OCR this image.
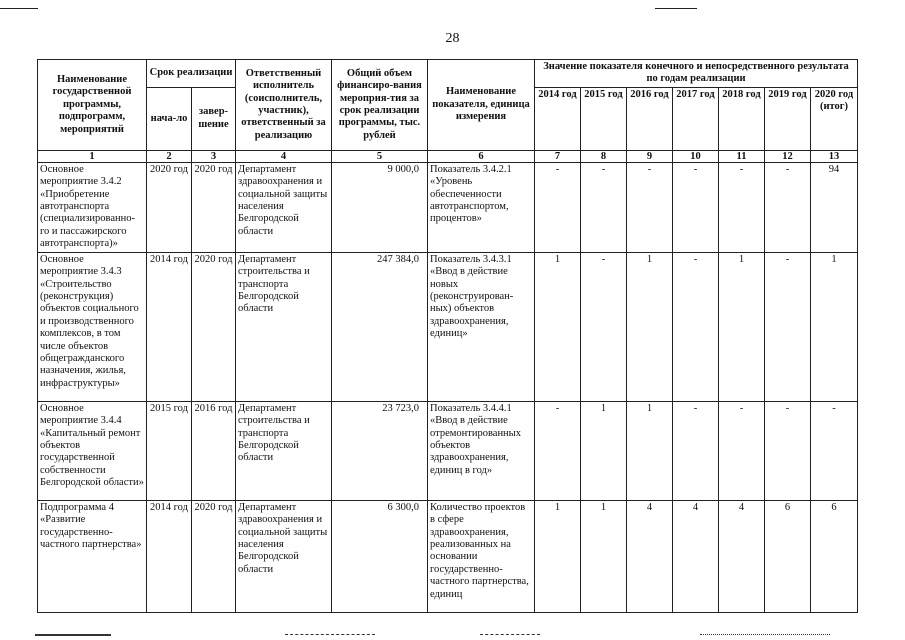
28
Наименование государственной программы, подпрограмм, мероприятий	Срок реализации		Ответственный исполнитель (соисполнитель, участник), ответственный за реализацию	Общий объем финансиро-вания мероприя-тия за срок реализации программы, тыс. рублей	Наименование показателя, единица измерения	Значение показателя конечного и непосредственного результата по годам реализации						
	нача-ло	завер-шение				2014 год	2015 год	2016 год	2017 год	2018 год	2019 год	2020 год (итог)
1	2	3	4	5	6	7	8	9	10	11	12	13
Основное мероприятие 3.4.2 «Приобретение автотранспорта (специализированно-го и пассажирского автотранспорта)»	2020 год	2020 год	Департамент здравоохранения и социальной защиты населения Белгородской области	9 000,0	Показатель 3.4.2.1 «Уровень обеспеченности автотранспортом, процентов»	-	-	-	-	-	-	94
Основное мероприятие 3.4.3 «Строительство (реконструкция) объектов социального и производственного комплексов, в том числе объектов общегражданского назначения, жилья, инфраструктуры»	2014 год	2020 год	Департамент строительства и транспорта Белгородской области	247 384,0	Показатель 3.4.3.1 «Ввод в действие новых (реконструирован-ных) объектов здравоохранения, единиц»	1	-	1	-	1	-	1
Основное мероприятие 3.4.4 «Капитальный ремонт объектов государственной собственности Белгородской области»	2015 год	2016 год	Департамент строительства и транспорта Белгородской области	23 723,0	Показатель 3.4.4.1 «Ввод в действие отремонтированных объектов здравоохранения, единиц в год»	-	1	1	-	-	-	-
Подпрограмма 4 «Развитие государственно-частного партнерства»	2014 год	2020 год	Департамент здравоохранения и социальной защиты населения Белгородской области	6 300,0	Количество проектов в сфере здравоохранения, реализованных на основании государственно-частного партнерства, единиц	1	1	4	4	4	6	6
